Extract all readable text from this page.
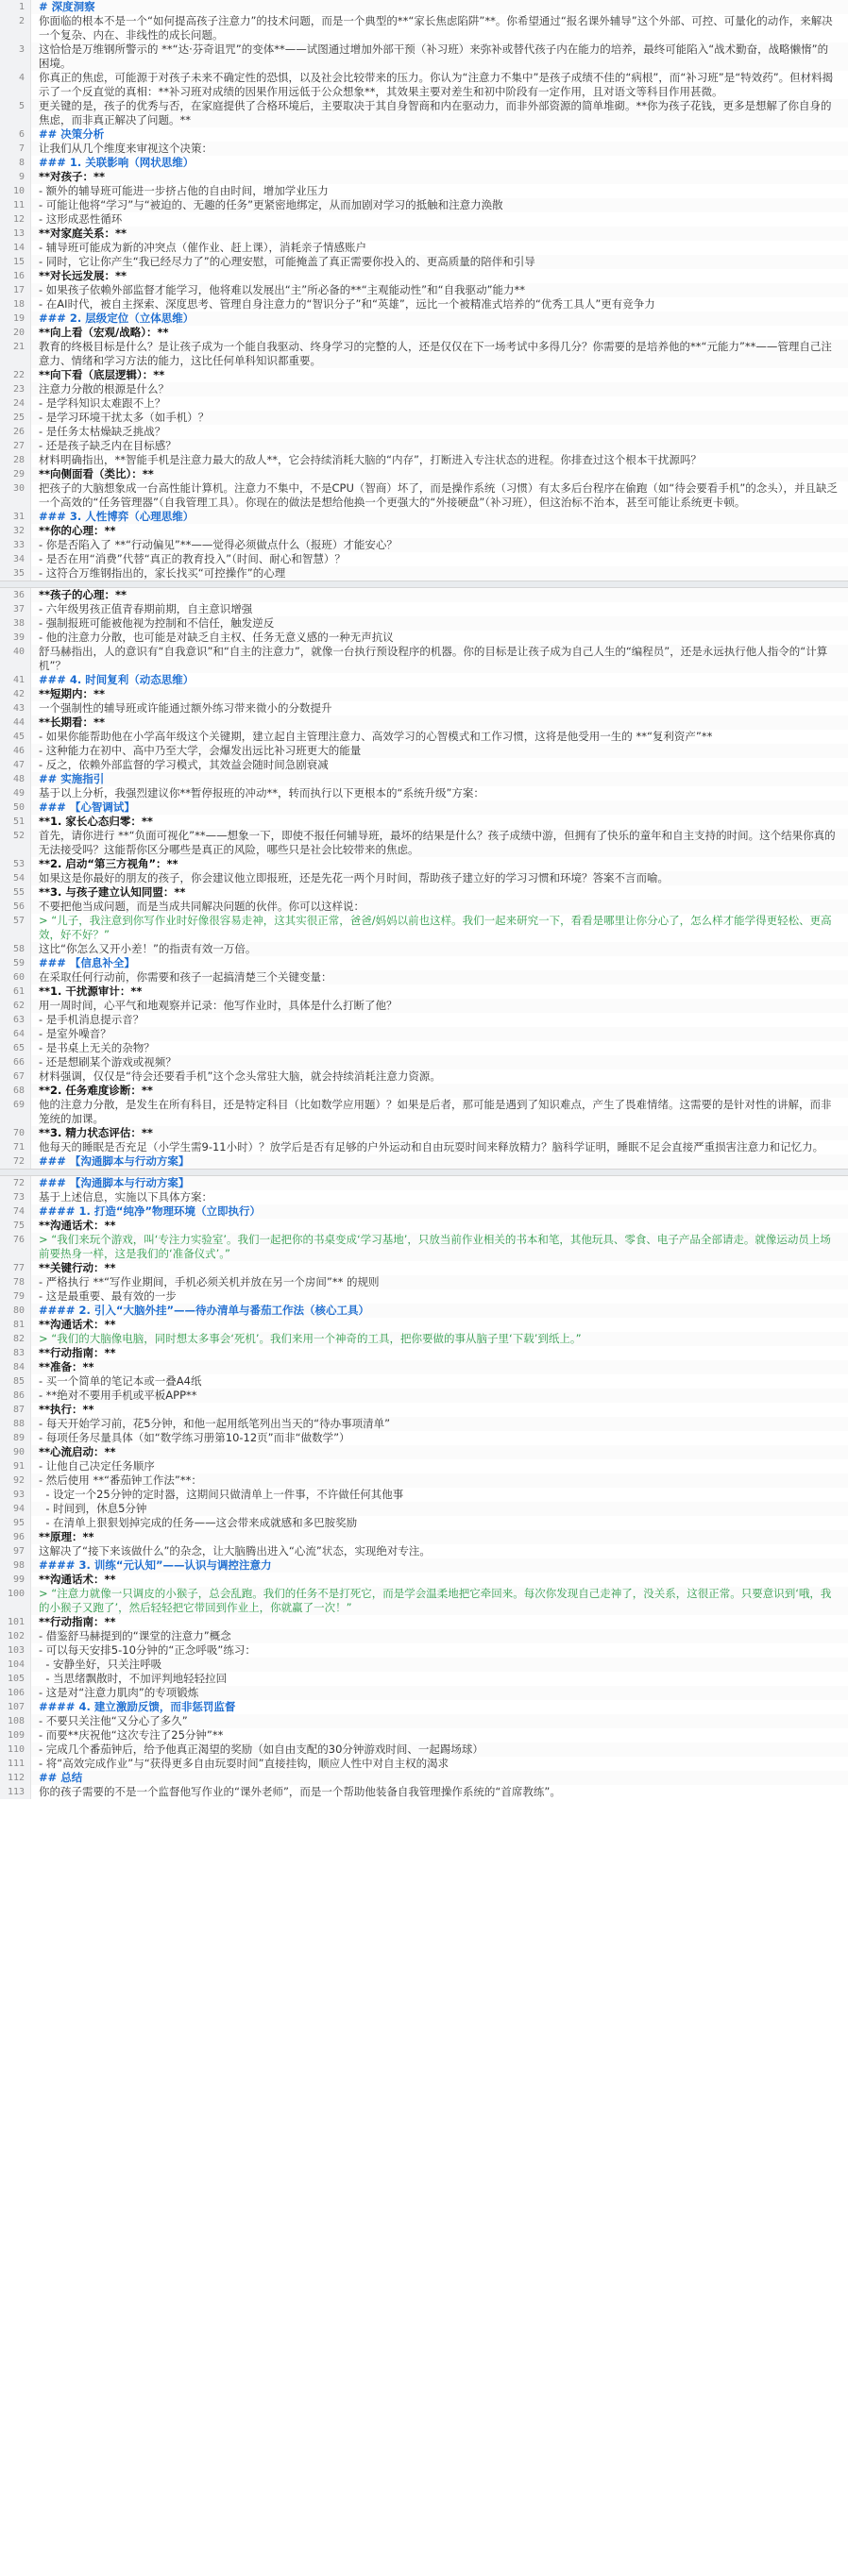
1	# 深度洞察
2	你面临的根本不是一个“如何提高孩子注意力”的技术问题，而是一个典型的**“家长焦虑陷阱”**。你希望通过“报名课外辅导”这个外部、可控、可量化的动作，来解决一个复杂、内在、非线性的成长问题。
3	这恰恰是万维钢所警示的 **“达·芬奇诅咒”的变体**——试图通过增加外部干预（补习班）来弥补或替代孩子内在能力的培养，最终可能陷入“战术勤奋，战略懒惰”的困境。
4	你真正的焦虑，可能源于对孩子未来不确定性的恐惧，以及社会比较带来的压力。你认为“注意力不集中”是孩子成绩不佳的“病根”，而“补习班”是“特效药”。但材料揭示了一个反直觉的真相：**补习班对成绩的因果作用远低于公众想象**，其效果主要对差生和初中阶段有一定作用，且对语文等科目作用甚微。
5	更关键的是，孩子的优秀与否，在家庭提供了合格环境后，主要取决于其自身智商和内在驱动力，而非外部资源的简单堆砌。**你为孩子花钱，更多是想解了你自身的焦虑，而非真正解决了问题。**
6	## 决策分析
7	让我们从几个维度来审视这个决策：
8	### 1. 关联影响（网状思维）
9	**对孩子：**
10	- 额外的辅导班可能进一步挤占他的自由时间，增加学业压力
11	- 可能让他将“学习”与“被迫的、无趣的任务”更紧密地绑定，从而加剧对学习的抵触和注意力涣散
12	- 这形成恶性循环
13	**对家庭关系：**
14	- 辅导班可能成为新的冲突点（催作业、赶上课），消耗亲子情感账户
15	- 同时，它让你产生“我已经尽力了”的心理安慰，可能掩盖了真正需要你投入的、更高质量的陪伴和引导
16	**对长远发展：**
17	- 如果孩子依赖外部监督才能学习，他将难以发展出“主”所必备的**“主观能动性”和“自我驱动”能力**
18	- 在AI时代，被自主探索、深度思考、管理自身注意力的“智识分子”和“英雄”，远比一个被精准式培养的“优秀工具人”更有竞争力
19	### 2. 层级定位（立体思维）
20	**向上看（宏观/战略）：**
21	教育的终极目标是什么？是让孩子成为一个能自我驱动、终身学习的完整的人，还是仅仅在下一场考试中多得几分？你需要的是培养他的**“元能力”**——管理自己注意力、情绪和学习方法的能力，这比任何单科知识都重要。
22	**向下看（底层逻辑）：**
23	注意力分散的根源是什么？
24	- 是学科知识太难跟不上？
25	- 是学习环境干扰太多（如手机）？
26	- 是任务太枯燥缺乏挑战？
27	- 还是孩子缺乏内在目标感？
28	材料明确指出，**智能手机是注意力最大的敌人**，它会持续消耗大脑的“内存”，打断进入专注状态的进程。你排查过这个根本干扰源吗？
29	**向侧面看（类比）：**
30	把孩子的大脑想象成一台高性能计算机。注意力不集中，不是CPU（智商）坏了，而是操作系统（习惯）有太多后台程序在偷跑（如“待会要看手机”的念头），并且缺乏一个高效的“任务管理器”（自我管理工具）。你现在的做法是想给他换一个更强大的“外接硬盘”（补习班），但这治标不治本，甚至可能让系统更卡顿。
31	### 3. 人性博弈（心理思维）
32	**你的心理：**
33	- 你是否陷入了 **“行动偏见”**——觉得必须做点什么（报班）才能安心？
34	- 是否在用“消费”代替“真正的教育投入”（时间、耐心和智慧）？
35	- 这符合万维钢指出的，家长找买“可控操作”的心理
36	**孩子的心理：**
37	- 六年级男孩正值青春期前期，自主意识增强
38	- 强制报班可能被他视为控制和不信任，触发逆反
39	- 他的注意力分散，也可能是对缺乏自主权、任务无意义感的一种无声抗议
40	舒马赫指出，人的意识有“自我意识”和“自主的注意力”，就像一台执行预设程序的机器。你的目标是让孩子成为自己人生的“编程员”，还是永远执行他人指令的“计算机”？
41	### 4. 时间复利（动态思维）
42	**短期内：**
43	一个强制性的辅导班或许能通过额外练习带来微小的分数提升
44	**长期看：**
45	- 如果你能帮助他在小学高年级这个关键期，建立起自主管理注意力、高效学习的心智模式和工作习惯，这将是他受用一生的 **“复利资产”**
46	- 这种能力在初中、高中乃至大学，会爆发出远比补习班更大的能量
47	- 反之，依赖外部监督的学习模式，其效益会随时间急剧衰减
48	## 实施指引
49	基于以上分析，我强烈建议你**暂停报班的冲动**，转而执行以下更根本的“系统升级”方案：
50	### 【心智调试】
51	**1. 家长心态归零：**
52	首先，请你进行 **“负面可视化”**——想象一下，即使不报任何辅导班，最坏的结果是什么？孩子成绩中游，但拥有了快乐的童年和自主支持的时间。这个结果你真的无法接受吗？这能帮你区分哪些是真正的风险，哪些只是社会比较带来的焦虑。
53	**2. 启动“第三方视角”：**
54	如果这是你最好的朋友的孩子，你会建议他立即报班，还是先花一两个月时间，帮助孩子建立好的学习习惯和环境？答案不言而喻。
55	**3. 与孩子建立认知同盟：**
56	不要把他当成问题，而是当成共同解决问题的伙伴。你可以这样说：
57	> “儿子，我注意到你写作业时好像很容易走神，这其实很正常，爸爸/妈妈以前也这样。我们一起来研究一下，看看是哪里让你分心了，怎么样才能学得更轻松、更高效，好不好？”
58	这比“你怎么又开小差！”的指责有效一万倍。
59	### 【信息补全】
60	在采取任何行动前，你需要和孩子一起搞清楚三个关键变量：
61	**1. 干扰源审计：**
62	用一周时间，心平气和地观察并记录：他写作业时，具体是什么打断了他？
63	- 是手机消息提示音？
64	- 是室外噪音？
65	- 是书桌上无关的杂物？
66	- 还是想刷某个游戏或视频？
67	材料强调，仅仅是“待会还要看手机”这个念头常驻大脑，就会持续消耗注意力资源。
68	**2. 任务难度诊断：**
69	他的注意力分散，是发生在所有科目，还是特定科目（比如数学应用题）？如果是后者，那可能是遇到了知识难点，产生了畏难情绪。这需要的是针对性的讲解，而非笼统的加课。
70	**3. 精力状态评估：**
71	他每天的睡眠是否充足（小学生需9-11小时）？放学后是否有足够的户外运动和自由玩耍时间来释放精力？脑科学证明，睡眠不足会直接严重损害注意力和记忆力。
72	### 【沟通脚本与行动方案】
72	### 【沟通脚本与行动方案】
73	基于上述信息，实施以下具体方案：
74	#### 1. 打造“纯净”物理环境（立即执行）
75	**沟通话术：**
76	> “我们来玩个游戏，叫‘专注力实验室’。我们一起把你的书桌变成‘学习基地’，只放当前作业相关的书本和笔，其他玩具、零食、电子产品全部请走。就像运动员上场前要热身一样，这是我们的‘准备仪式’。”
77	**关键行动：**
78	- 严格执行 **“写作业期间，手机必须关机并放在另一个房间”** 的规则
79	- 这是最重要、最有效的一步
80	#### 2. 引入“大脑外挂”——待办清单与番茄工作法（核心工具）
81	**沟通话术：**
82	> “我们的大脑像电脑，同时想太多事会‘死机’。我们来用一个神奇的工具，把你要做的事从脑子里‘下载’到纸上。”
83	**行动指南：**
84	**准备：**
85	- 买一个简单的笔记本或一叠A4纸
86	- **绝对不要用手机或平板APP**
87	**执行：**
88	- 每天开始学习前，花5分钟，和他一起用纸笔列出当天的“待办事项清单”
89	- 每项任务尽量具体（如“数学练习册第10-12页”而非“做数学”）
90	**心流启动：**
91	- 让他自己决定任务顺序
92	- 然后使用 **“番茄钟工作法”**：
93	- 设定一个25分钟的定时器，这期间只做清单上一件事，不许做任何其他事
94	- 时间到，休息5分钟
95	- 在清单上狠狠划掉完成的任务——这会带来成就感和多巴胺奖励
96	**原理：**
97	这解决了“接下来该做什么”的杂念，让大脑腾出进入“心流”状态，实现绝对专注。
98	#### 3. 训练“元认知”——认识与调控注意力
99	**沟通话术：**
100	> “注意力就像一只调皮的小猴子，总会乱跑。我们的任务不是打死它，而是学会温柔地把它牵回来。每次你发现自己走神了，没关系，这很正常。只要意识到‘哦，我的小猴子又跑了’，然后轻轻把它带回到作业上，你就赢了一次！”
101	**行动指南：**
102	- 借鉴舒马赫提到的“课堂的注意力”概念
103	- 可以每天安排5-10分钟的“正念呼吸”练习：
104	- 安静坐好，只关注呼吸
105	- 当思绪飘散时，不加评判地轻轻拉回
106	- 这是对“注意力肌肉”的专项锻炼
107	#### 4. 建立激励反馈，而非惩罚监督
108	- 不要只关注他“又分心了多久”
109	- 而要**庆祝他“这次专注了25分钟”**
110	- 完成几个番茄钟后，给予他真正渴望的奖励（如自由支配的30分钟游戏时间、一起踢场球）
111	- 将“高效完成作业”与“获得更多自由玩耍时间”直接挂钩，顺应人性中对自主权的渴求
112	## 总结
113	你的孩子需要的不是一个监督他写作业的“课外老师”，而是一个帮助他装备自我管理操作系统的“首席教练”。
